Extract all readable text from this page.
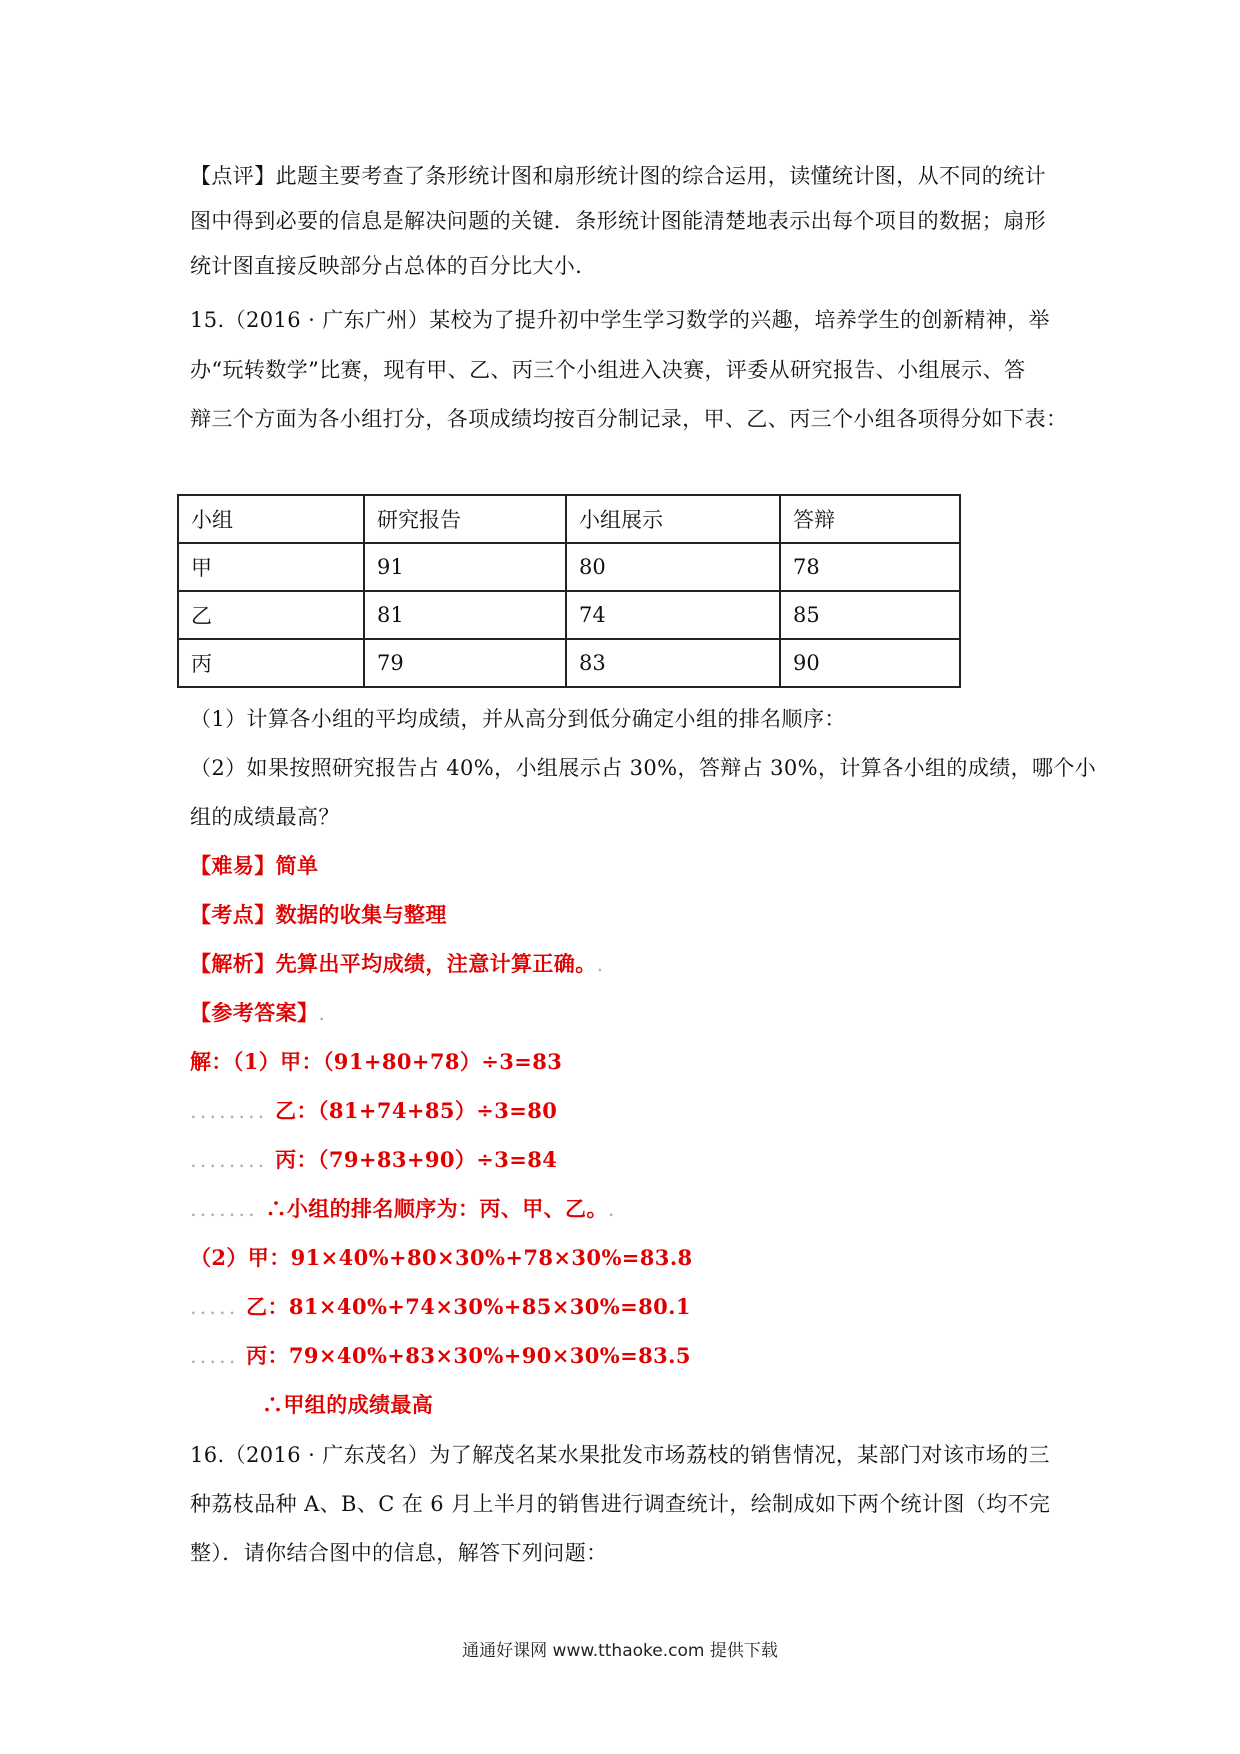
【点评】此题主要考查了条形统计图和扇形统计图的综合运用，读懂统计图，从不同的统计
图中得到必要的信息是解决问题的关键．条形统计图能清楚地表示出每个项目的数据；扇形
统计图直接反映部分占总体的百分比大小．
15.（2016 · 广东广州）某校为了提升初中学生学习数学的兴趣，培养学生的创新精神，举
办“玩转数学”比赛，现有甲、乙、丙三个小组进入决赛，评委从研究报告、小组展示、答
辩三个方面为各小组打分，各项成绩均按百分制记录，甲、乙、丙三个小组各项得分如下表：
小组	研究报告	小组展示	答辩
甲	91	80	78
乙	81	74	85
丙	79	83	90
（1）计算各小组的平均成绩，并从高分到低分确定小组的排名顺序：
（2）如果按照研究报告占 40%，小组展示占 30%，答辩占 30%，计算各小组的成绩，哪个小
组的成绩最高？
【难易】简单
【考点】数据的收集与整理
【解析】先算出平均成绩，注意计算正确。.
【参考答案】.
解：（1）甲：（91+80+78）÷3=83
........ 乙：（81+74+85）÷3=80
........ 丙：（79+83+90）÷3=84
....... ∴小组的排名顺序为：丙、甲、乙。.
（2）甲：91×40%+80×30%+78×30%=83.8
..... 乙：81×40%+74×30%+85×30%=80.1
..... 丙：79×40%+83×30%+90×30%=83.5
∴甲组的成绩最高
16.（2016 · 广东茂名）为了解茂名某水果批发市场荔枝的销售情况，某部门对该市场的三
种荔枝品种 A、B、C 在 6 月上半月的销售进行调查统计，绘制成如下两个统计图（均不完
整）．请你结合图中的信息，解答下列问题：
通通好课网 www.tthaoke.com 提供下载
